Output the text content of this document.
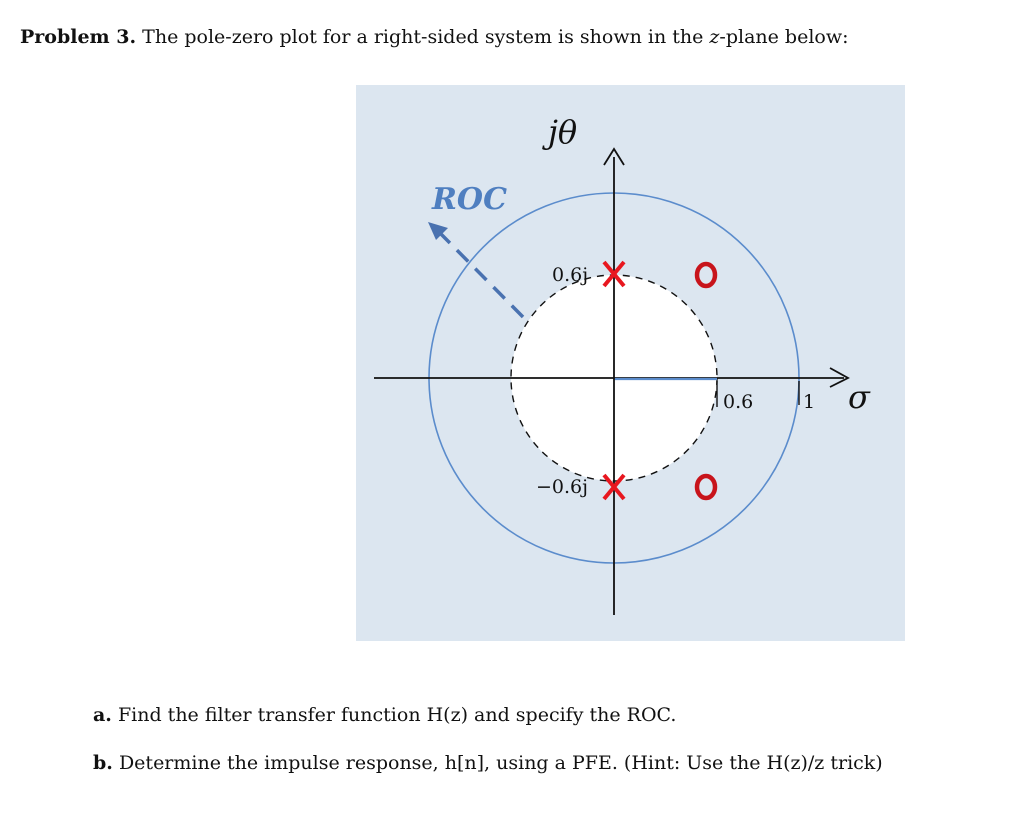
Problem 3. The pole-zero plot for a right-sided system is shown in the z-plane below:
jθ
σ
ROC
0.6j
−0.6j
0.6	1
a. Find the filter transfer function H(z) and specify the ROC.
b. Determine the impulse response, h[n], using a PFE. (Hint: Use the H(z)/z trick)
